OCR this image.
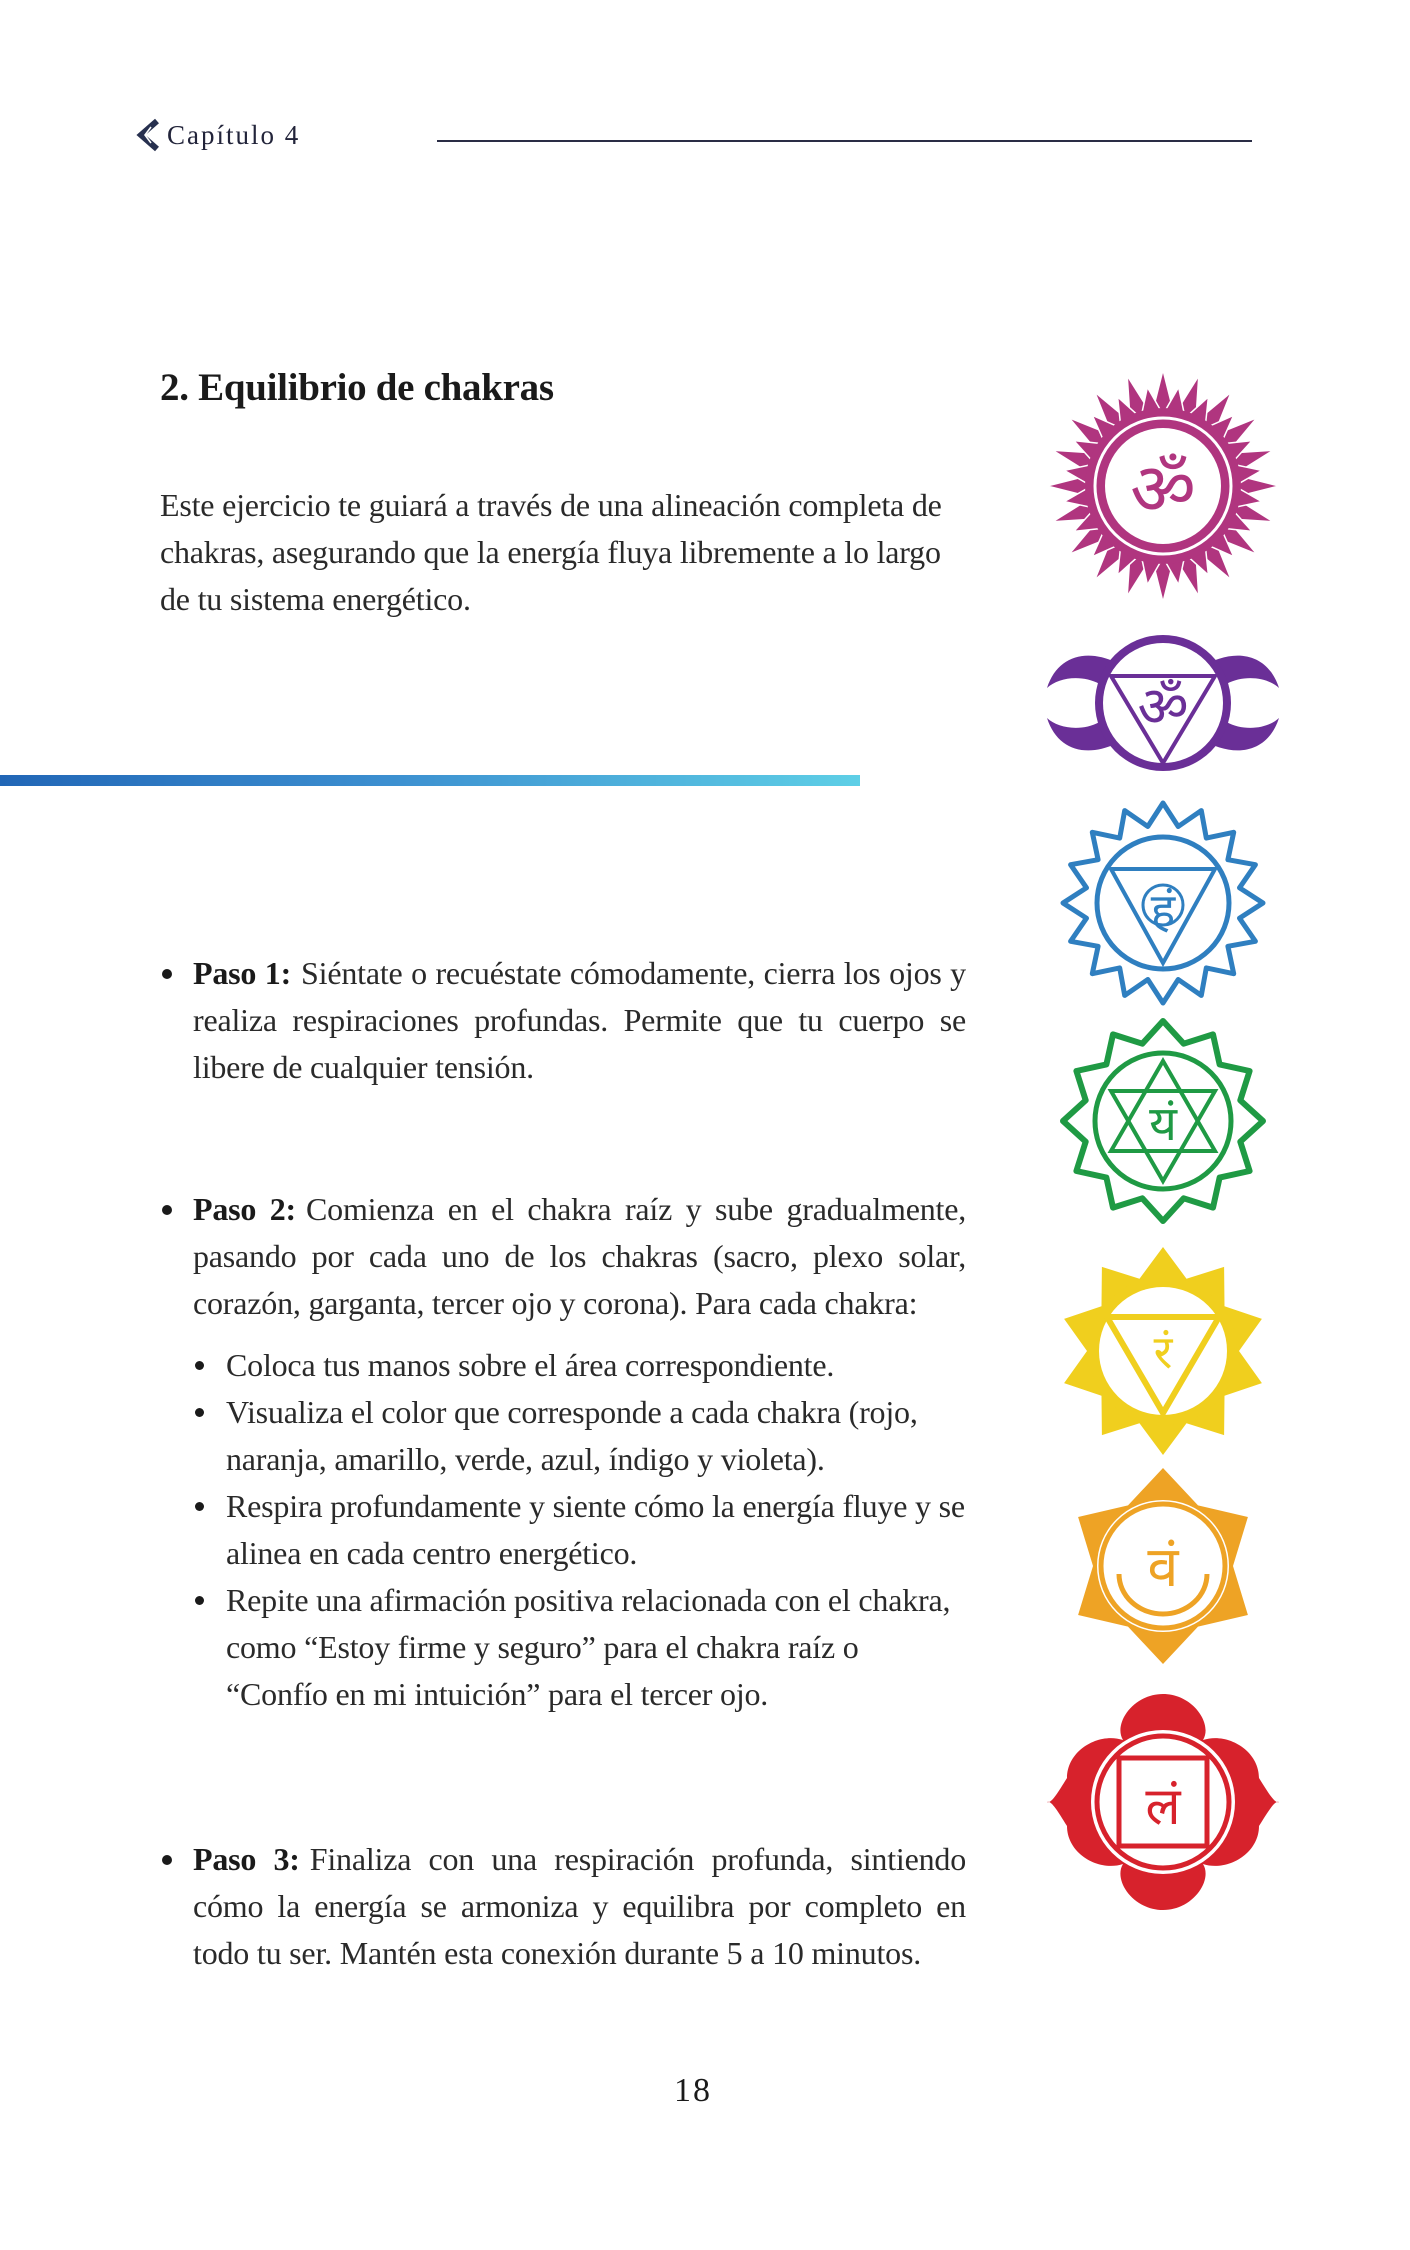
Capítulo 4
2. Equilibrio de chakras

Este ejercicio te guiará a través de una alineación completa de chakras, asegurando que la energía fluya libremente a lo largo de tu sistema energético.

Paso 1: Siéntate o recuéstate cómodamente, cierra los ojos y realiza respiraciones profundas. Permite que tu cuerpo se libere de cualquier tensión.
Paso 2: Comienza en el chakra raíz y sube gradualmente, pasando por cada uno de los chakras (sacro, plexo solar, corazón, garganta, tercer ojo y corona). Para cada chakra:
Coloca tus manos sobre el área correspondiente.
Visualiza el color que corresponde a cada chakra (rojo, naranja, amarillo, verde, azul, índigo y violeta).
Respira profundamente y siente cómo la energía fluye y se alinea en cada centro energético.
Repite una afirmación positiva relacionada con el chakra, como “Estoy firme y seguro” para el chakra raíz o “Confío en mi intuición” para el tercer ojo.
Paso 3: Finaliza con una respiración profunda, sintiendo cómo la energía se armoniza y equilibra por completo en todo tu ser. Mantén esta conexión durante 5 a 10 minutos.
18
ॐ
ॐ
हं
यं
रं
वं
लं
